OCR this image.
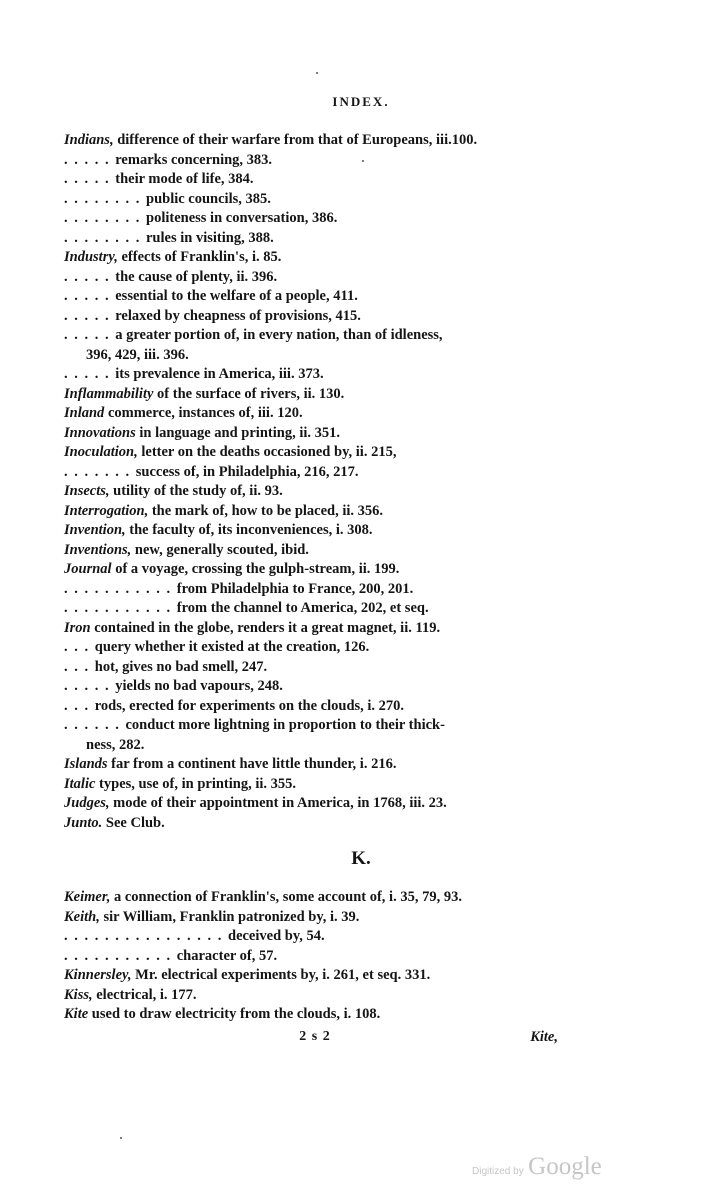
INDEX.
Indians, difference of their warfare from that of Europeans, iii.100.
. . . . . remarks concerning, 383.
. . . . . their mode of life, 384.
. . . . . . . . public councils, 385.
. . . . . . . . politeness in conversation, 386.
. . . . . . . . rules in visiting, 388.
Industry, effects of Franklin's, i. 85.
. . . . . the cause of plenty, ii. 396.
. . . . . essential to the welfare of a people, 411.
. . . . . relaxed by cheapness of provisions, 415.
. . . . . a greater portion of, in every nation, than of idleness,
396, 429, iii. 396.
. . . . . its prevalence in America, iii. 373.
Inflammability of the surface of rivers, ii. 130.
Inland commerce, instances of, iii. 120.
Innovations in language and printing, ii. 351.
Inoculation, letter on the deaths occasioned by, ii. 215,
. . . . . . . success of, in Philadelphia, 216, 217.
Insects, utility of the study of, ii. 93.
Interrogation, the mark of, how to be placed, ii. 356.
Invention, the faculty of, its inconveniences, i. 308.
Inventions, new, generally scouted, ibid.
Journal of a voyage, crossing the gulph-stream, ii. 199.
. . . . . . . . . . . from Philadelphia to France, 200, 201.
. . . . . . . . . . . from the channel to America, 202, et seq.
Iron contained in the globe, renders it a great magnet, ii. 119.
. . . query whether it existed at the creation, 126.
. . . hot, gives no bad smell, 247.
. . . . . yields no bad vapours, 248.
. . . rods, erected for experiments on the clouds, i. 270.
. . . . . . conduct more lightning in proportion to their thick-
ness, 282.
Islands far from a continent have little thunder, i. 216.
Italic types, use of, in printing, ii. 355.
Judges, mode of their appointment in America, in 1768, iii. 23.
Junto. See Club.
K.
Keimer, a connection of Franklin's, some account of, i. 35, 79, 93.
Keith, sir William, Franklin patronized by, i. 39.
. . . . . . . . . . . . . . . . deceived by, 54.
. . . . . . . . . . . character of, 57.
Kinnersley, Mr. electrical experiments by, i. 261, et seq. 331.
Kiss, electrical, i. 177.
Kite used to draw electricity from the clouds, i. 108.
2 s 2	Kite,
Digitized by Google
